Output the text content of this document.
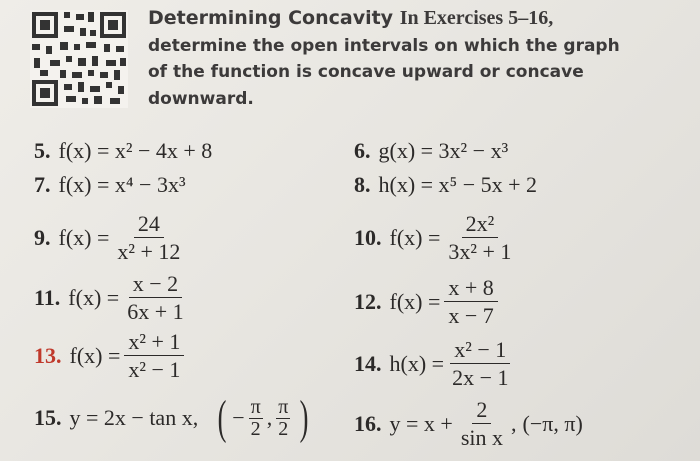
Determining Concavity In Exercises 5–16,
determine the open intervals on which the graph
of the function is concave upward or concave
downward.
5. f(x) = x² − 4x + 8	6. g(x) = 3x² − x³
7. f(x) = x⁴ − 3x³	8. h(x) = x⁵ − 5x + 2
9. $f(x) = \frac{24}{\text{x² + 12}}$	10. $f(x) = \frac{\text{2x²}}{\text{3x² + 1}}$
11. $f(x) = \frac{x - 2}{6x + 1}$	12. $f(x) = \frac{x + 8}{x - 7}$
13. $f(x) = \frac{\text{x² + 1}}{\text{x² − 1}}$	14. $h(x) = \frac{\text{x² − 1}}{2x - 1}$
15. y = 2x − tan x, ( − $\frac{\pi}{2}$ , $\frac{\pi}{2}$ ) 16. $y = x + \frac{2}{\text{sin x}}$ , (−π, π)
